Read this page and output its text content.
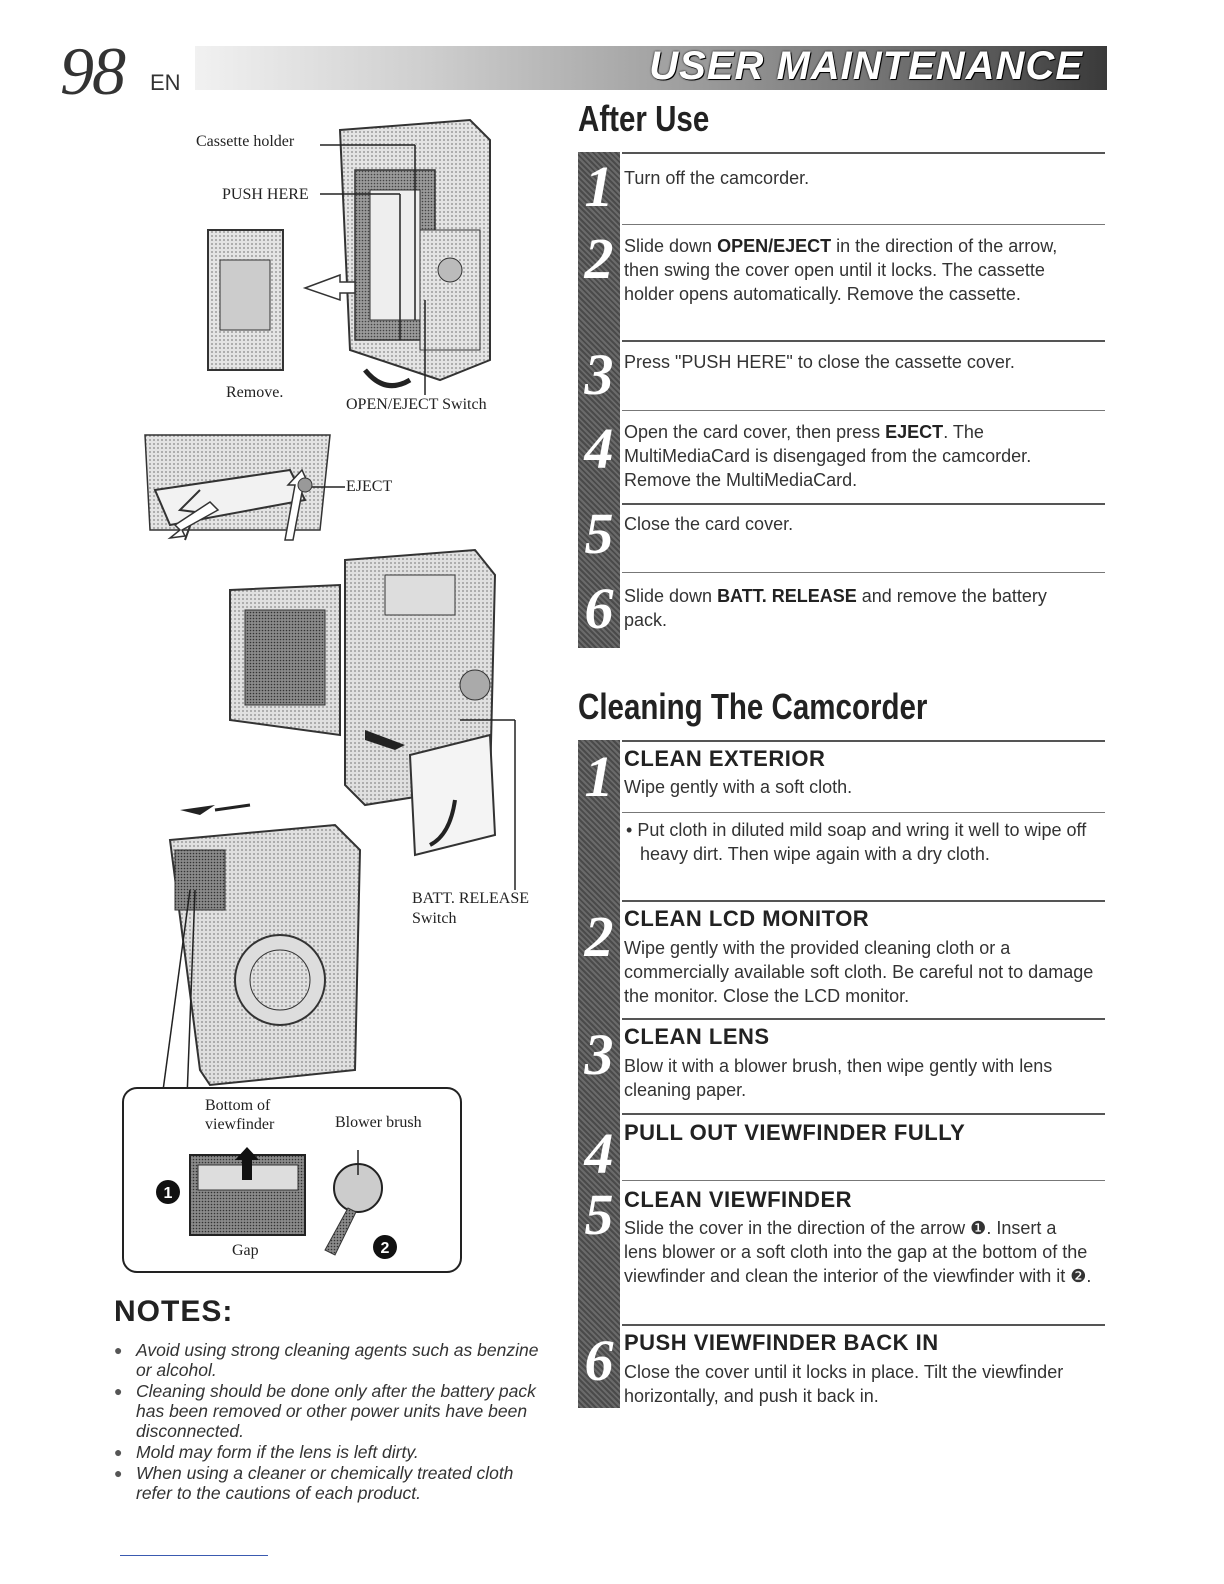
98 EN	USER MAINTENANCE
Cassette holder
PUSH HERE
Remove.
OPEN/EJECT Switch
EJECT
BATT. RELEASE
Switch
1
2
Bottom of
viewfinder	Blower brush
Gap
NOTES:
● Avoid using strong cleaning agents such as benzine or alcohol.
● Cleaning should be done only after the battery pack has been removed or other power units have been disconnected.
● Mold may form if the lens is left dirty.
● When using a cleaner or chemically treated cloth refer to the cautions of each product.
After Use
1 Turn off the camcorder.
2 Slide down OPEN/EJECT in the direction of the arrow, then swing the cover open until it locks. The cassette holder opens automatically. Remove the cassette.
3 Press "PUSH HERE" to close the cassette cover.
4 Open the card cover, then press EJECT. The MultiMediaCard is disengaged from the camcorder. Remove the MultiMediaCard.
5 Close the card cover.
6 Slide down BATT. RELEASE and remove the battery pack.
Cleaning The Camcorder
1 CLEAN EXTERIOR
Wipe gently with a soft cloth.
• Put cloth in diluted mild soap and wring it well to wipe off heavy dirt. Then wipe again with a dry cloth.
2 CLEAN LCD MONITOR
Wipe gently with the provided cleaning cloth or a commercially available soft cloth. Be careful not to damage the monitor. Close the LCD monitor.
3 CLEAN LENS
Blow it with a blower brush, then wipe gently with lens cleaning paper.
4 PULL OUT VIEWFINDER FULLY
5 CLEAN VIEWFINDER
Slide the cover in the direction of the arrow ❶. Insert a lens blower or a soft cloth into the gap at the bottom of the viewfinder and clean the interior of the viewfinder with it ❷.
6 PUSH VIEWFINDER BACK IN
Close the cover until it locks in place. Tilt the viewfinder horizontally, and push it back in.
